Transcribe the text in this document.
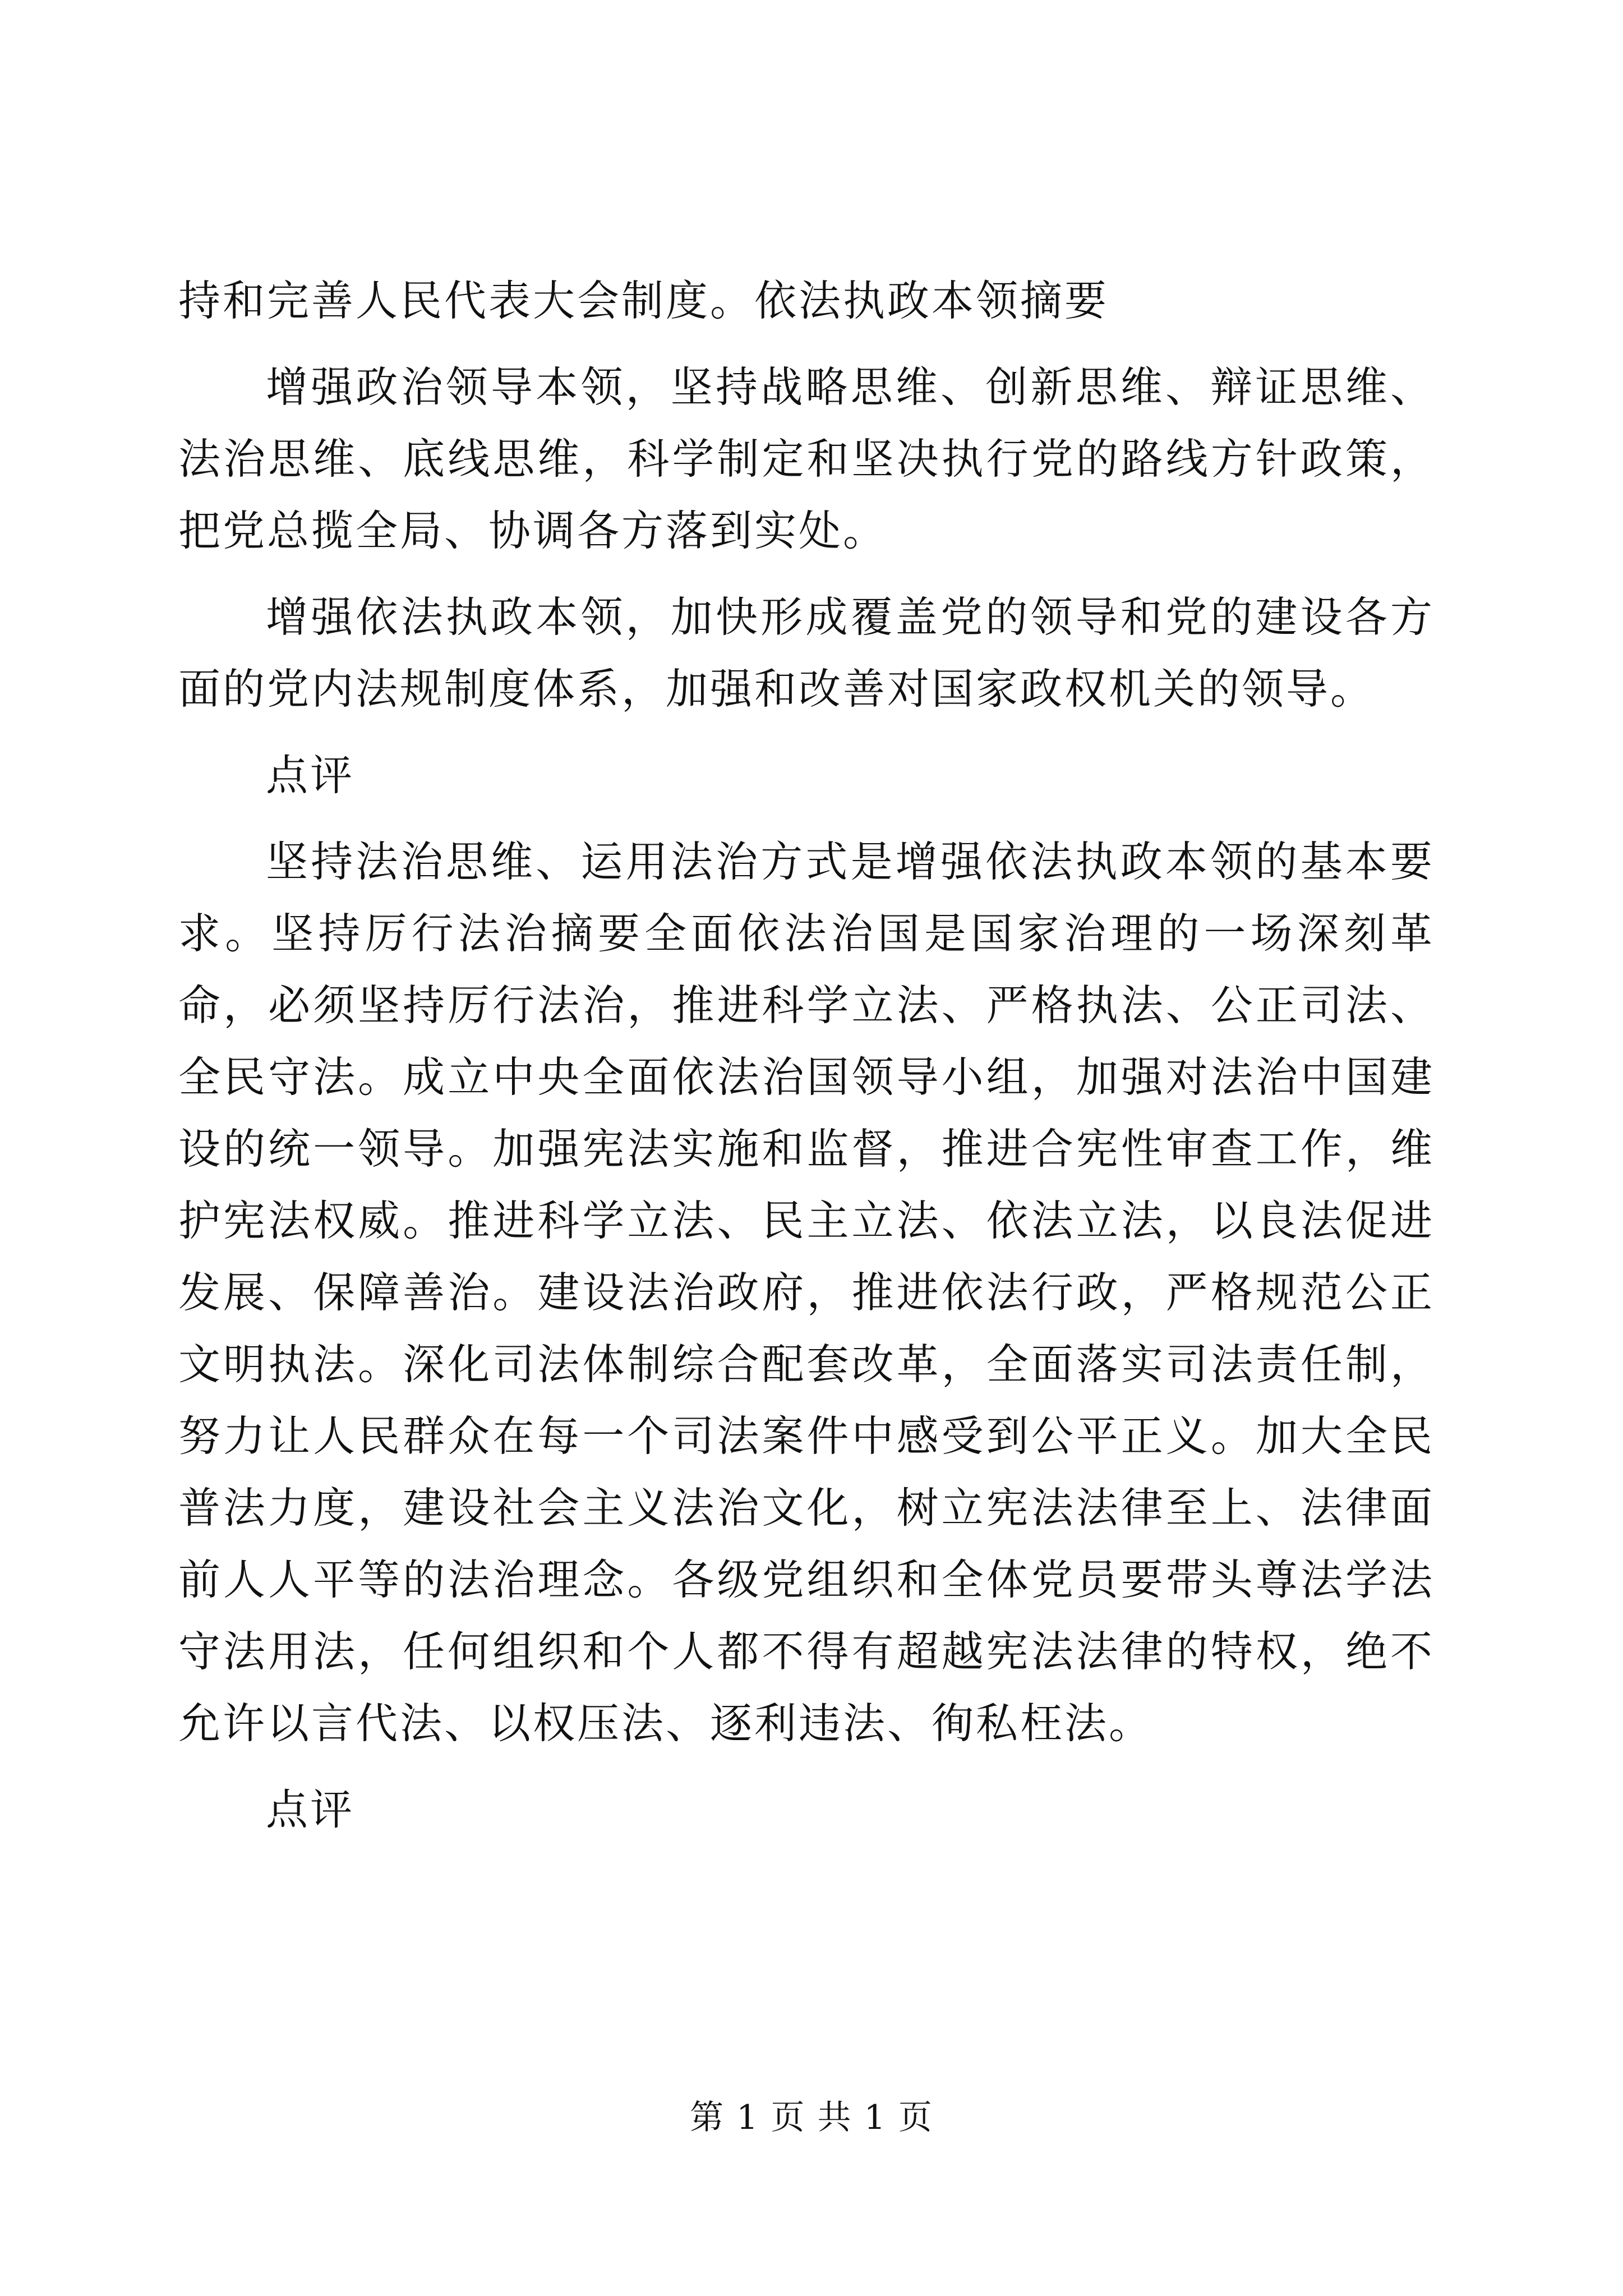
持和完善人民代表大会制度。依法执政本领摘要

增强政治领导本领，坚持战略思维、创新思维、辩证思维、法治思维、底线思维，科学制定和坚决执行党的路线方针政策，把党总揽全局、协调各方落到实处。

增强依法执政本领，加快形成覆盖党的领导和党的建设各方面的党内法规制度体系，加强和改善对国家政权机关的领导。

点评

坚持法治思维、运用法治方式是增强依法执政本领的基本要求。坚持厉行法治摘要全面依法治国是国家治理的一场深刻革命，必须坚持厉行法治，推进科学立法、严格执法、公正司法、全民守法。成立中央全面依法治国领导小组，加强对法治中国建设的统一领导。加强宪法实施和监督，推进合宪性审查工作，维护宪法权威。推进科学立法、民主立法、依法立法，以良法促进发展、保障善治。建设法治政府，推进依法行政，严格规范公正文明执法。深化司法体制综合配套改革，全面落实司法责任制，努力让人民群众在每一个司法案件中感受到公平正义。加大全民普法力度，建设社会主义法治文化，树立宪法法律至上、法律面前人人平等的法治理念。各级党组织和全体党员要带头尊法学法守法用法，任何组织和个人都不得有超越宪法法律的特权，绝不允许以言代法、以权压法、逐利违法、徇私枉法。

点评

第 1 页 共 1 页
